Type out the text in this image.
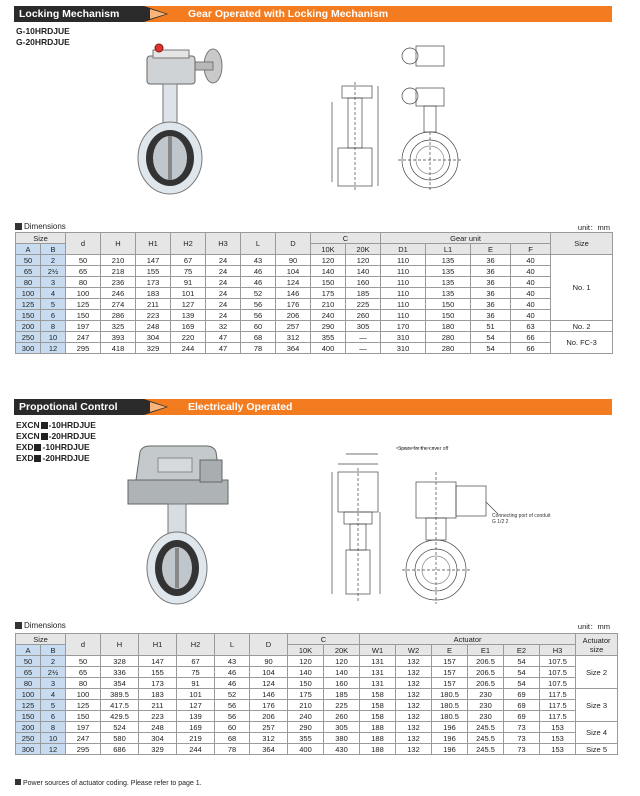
Locking Mechanism	Gear Operated with Locking Mechanism
G-10HRDJUE
G-20HRDJUE
Dimensions	unit：mm
Size		d	H	H1	H2	H3	L	D	C		Gear unit				Size
A	B								10K	20K	D1	L1	E	F	

50	2	50	210	147	67	24	43	90	120	120	110	135	36	40	No. 1
65	2½	65	218	155	75	24	46	104	140	140	110	135	36	40	
80	3	80	236	173	91	24	46	124	150	160	110	135	36	40	
100	4	100	246	183	101	24	52	146	175	185	110	135	36	40	
125	5	125	274	211	127	24	56	176	210	225	110	150	36	40	
150	6	150	286	223	139	24	56	206	240	260	110	150	36	40	
200	8	197	325	248	169	32	60	257	290	305	170	180	51	63	No. 2
250	10	247	393	304	220	47	68	312	355	—	310	280	54	66	No. FC-3
300	12	295	418	329	244	47	78	364	400	—	310	280	54	66	
Propotional Control	Electrically Operated
EXCN -10HRDJUE
EXCN -20HRDJUE
EXD -10HRDJUE
EXD -20HRDJUE
Space for the cover off
Connecting port of conduit
G 1/2 2
Dimensions	unit：mm
Size		d	H	H1	H2	L	D	C		Actuator						Actuator size
A	B							10K	20K	W1	W2	E	E1	E2	H3	

50	2	50	328	147	67	43	90	120	120	131	132	157	206.5	54	107.5	Size 2
65	2½	65	336	155	75	46	104	140	140	131	132	157	206.5	54	107.5	
80	3	80	354	173	91	46	124	150	160	131	132	157	206.5	54	107.5	
100	4	100	389.5	183	101	52	146	175	185	158	132	180.5	230	69	117.5	Size 3
125	5	125	417.5	211	127	56	176	210	225	158	132	180.5	230	69	117.5	
150	6	150	429.5	223	139	56	206	240	260	158	132	180.5	230	69	117.5	
200	8	197	524	248	169	60	257	290	305	188	132	196	245.5	73	153	Size 4
250	10	247	580	304	219	68	312	355	380	188	132	196	245.5	73	153	
300	12	295	686	329	244	78	364	400	430	188	132	196	245.5	73	153	Size 5
Power sources of actuator coding. Please refer to page 1.
